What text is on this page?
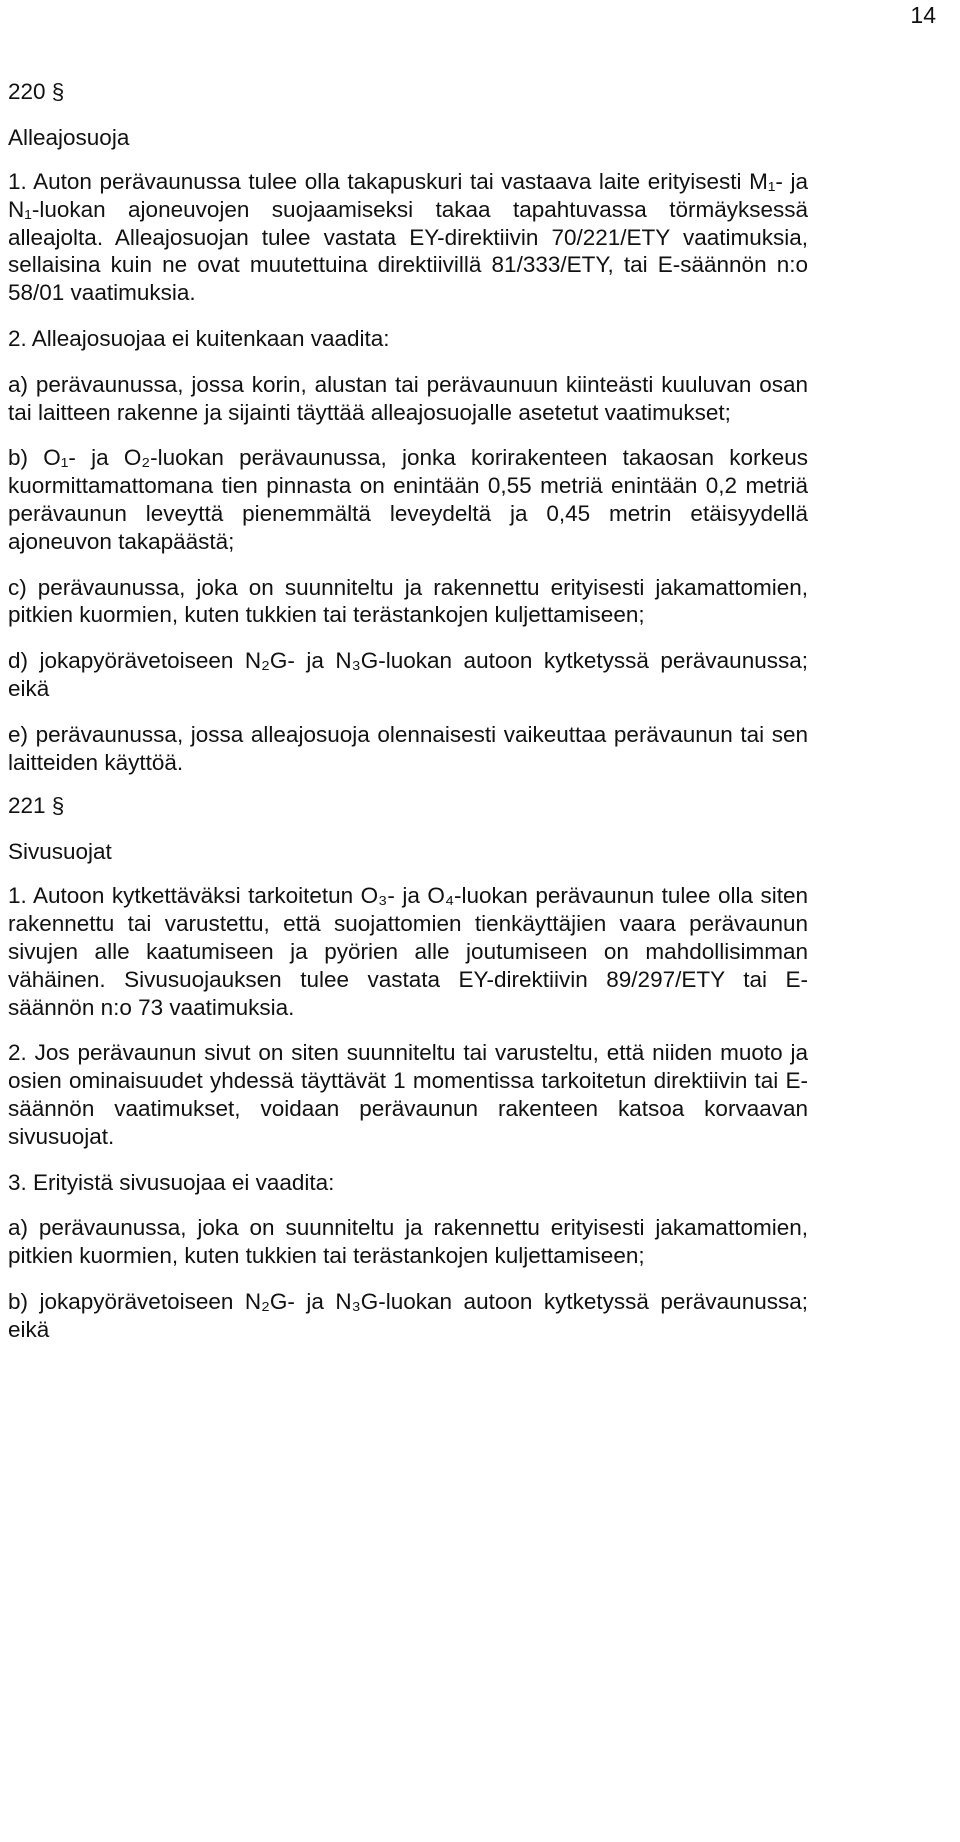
14
220 §
Alleajosuoja

1. Auton perävaunussa tulee olla takapuskuri tai vastaava laite erityisesti M₁- ja N₁-luokan ajoneuvojen suojaamiseksi takaa tapahtuvassa törmäyksessä alleajolta. Alleajosuojan tulee vastata EY-direktiivin 70/221/ETY vaatimuksia, sellaisina kuin ne ovat muutettuina direktiivillä 81/333/ETY, tai E-säännön n:o 58/01 vaatimuksia.

2. Alleajosuojaa ei kuitenkaan vaadita:

a) perävaunussa, jossa korin, alustan tai perävaunuun kiinteästi kuuluvan osan tai laitteen rakenne ja sijainti täyttää alleajosuojalle asetetut vaatimukset;

b) O₁- ja O₂-luokan perävaunussa, jonka korirakenteen takaosan korkeus kuormittamattomana tien pinnasta on enintään 0,55 metriä enintään 0,2 metriä perävaunun leveyttä pienemmältä leveydeltä ja 0,45 metrin etäisyydellä ajoneuvon takapäästä;

c) perävaunussa, joka on suunniteltu ja rakennettu erityisesti jakamattomien, pitkien kuormien, kuten tukkien tai terästankojen kuljettamiseen;

d) jokapyörävetoiseen N₂G- ja N₃G-luokan autoon kytketyssä perävaunussa; eikä

e) perävaunussa, jossa alleajosuoja olennaisesti vaikeuttaa perävaunun tai sen laitteiden käyttöä.

221 §
Sivusuojat

1. Autoon kytkettäväksi tarkoitetun O₃- ja O₄-luokan perävaunun tulee olla siten rakennettu tai varustettu, että suojattomien tienkäyttäjien vaara perävaunun sivujen alle kaatumiseen ja pyörien alle joutumiseen on mahdollisimman vähäinen. Sivusuojauksen tulee vastata EY-direktiivin 89/297/ETY tai E-säännön n:o 73 vaatimuksia.

2. Jos perävaunun sivut on siten suunniteltu tai varusteltu, että niiden muoto ja osien ominaisuudet yhdessä täyttävät 1 momentissa tarkoitetun direktiivin tai E-säännön vaatimukset, voidaan perävaunun rakenteen katsoa korvaavan sivusuojat.

3. Erityistä sivusuojaa ei vaadita:

a) perävaunussa, joka on suunniteltu ja rakennettu erityisesti jakamattomien, pitkien kuormien, kuten tukkien tai terästankojen kuljettamiseen;

b) jokapyörävetoiseen N₂G- ja N₃G-luokan autoon kytketyssä perävaunussa; eikä
